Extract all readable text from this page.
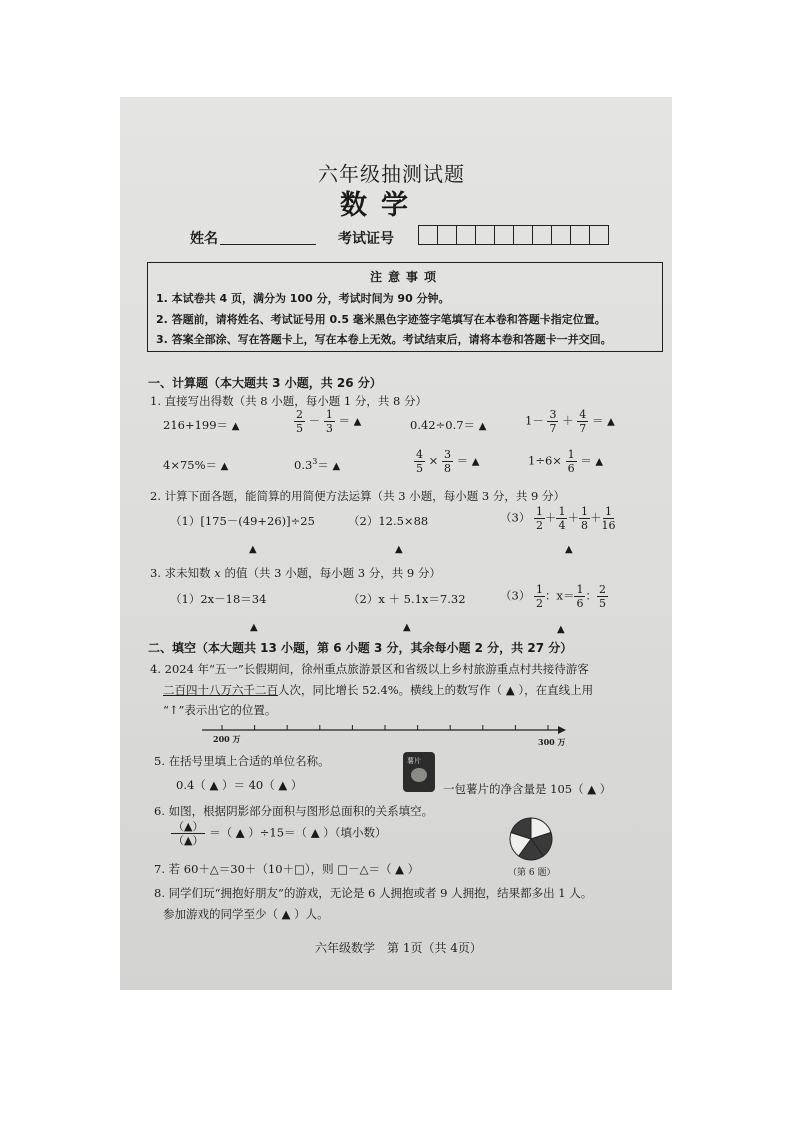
六年级抽测试题
数学
姓名	考试证号
注意事项
1. 本试卷共 4 页，满分为 100 分，考试时间为 90 分钟。
2. 答题前，请将姓名、考试证号用 0.5 毫米黑色字迹签字笔填写在本卷和答题卡指定位置。
3. 答案全部涂、写在答题卡上，写在本卷上无效。考试结束后，请将本卷和答题卡一并交回。
一、计算题（本大题共 3 小题，共 26 分）
1. 直接写出得数（共 8 小题，每小题 1 分，共 8 分）
216+199＝ ▲	$\frac{2}{5} - \frac{1}{3}$ ＝ ▲	0.42÷0.7＝ ▲	$1- \frac{3}{7} + \frac{4}{7}$ ＝ ▲
4×75%＝ ▲	$0.3^3=$ ▲	$\frac{4}{5} \times \frac{3}{8}$ ＝ ▲	$1\div 6\times \frac{1}{6}$ ＝ ▲
2. 计算下面各题，能简算的用简便方法运算（共 3 小题，每小题 3 分，共 9 分）
（1）[175－(49+26)]÷25	（2）12.5×88	$(3) \frac{1}{2} + \frac{1}{4} + \frac{1}{8} + \frac{1}{16}$
▲	▲	▲
3. 求未知数 x 的值（共 3 小题，每小题 3 分，共 9 分）
（1）2x－18＝34	（2）x ＋ 5.1x＝7.32	$(3) \frac{1}{2}$ ：$x= \frac{1}{6}$ ： $\frac{2}{5}$
▲	▲	▲
二、填空（本大题共 13 小题，第 6 小题 3 分，其余每小题 2 分，共 27 分）
4. 2024 年“五一”长假期间，徐州重点旅游景区和省级以上乡村旅游重点村共接待游客
二百四十八万六千二百人次，同比增长 52.4%。横线上的数写作（ ▲ ），在直线上用
“↑”表示出它的位置。
200 万	300 万
5. 在括号里填上合适的单位名称。
0.4（ ▲ ）＝ 40（ ▲ ）
薯片
一包薯片的净含量是 105（ ▲ ）
6. 如图，根据阴影部分面积与图形总面积的关系填空。
$\frac{(▲)}{(▲)}$ ＝（ ▲ ）÷15＝（ ▲ ）（填小数）
（第 6 题）
7. 若 60＋△＝30＋（10＋□），则 □－△＝（ ▲ ）
8. 同学们玩“拥抱好朋友”的游戏，无论是 6 人拥抱或者 9 人拥抱，结果都多出 1 人。
参加游戏的同学至少（ ▲ ）人。
六年级数学　第 1页（共 4页）
